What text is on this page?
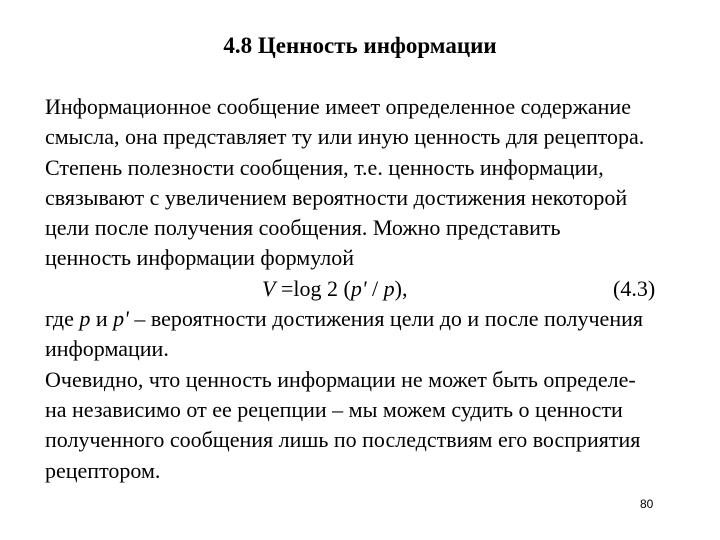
4.8 Ценность информации
Информационное сообщение имеет определенное содержание
смысла, она представляет ту или иную ценность для рецептора.
Степень полезности сообщения, т.е. ценность информации,
связывают с увеличением вероятности достижения некоторой
цели после получения сообщения. Можно представить
ценность информации формулой
V =log 2 (p' / p),	(4.3)
где p и p' – вероятности достижения цели до и после получения
информации.
Очевидно, что ценность информации не может быть определе-
на независимо от ее рецепции – мы можем судить о ценности
полученного сообщения лишь по последствиям его восприятия
рецептором.
80
